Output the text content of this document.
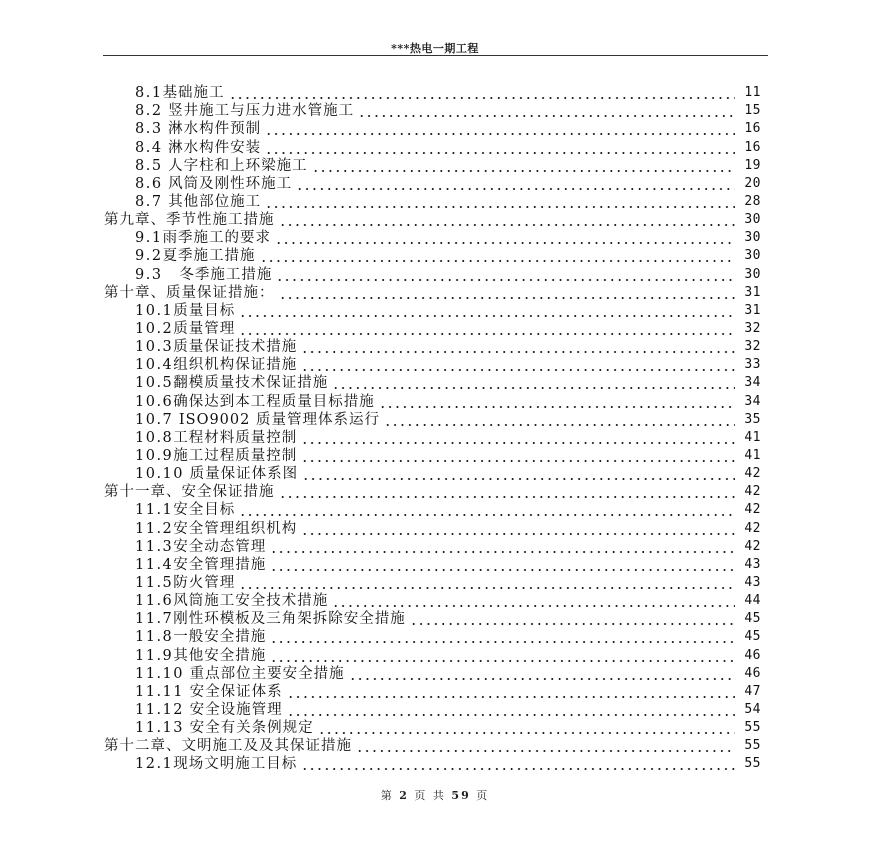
***热电一期工程
8.1 基础施工	11
8.2 竖井施工与压力进水管施工	15
8.3 淋水构件预制	16
8.4 淋水构件安装	16
8.5 人字柱和上环梁施工	19
8.6 风筒及刚性环施工	20
8.7 其他部位施工	28
第九章、季节性施工措施	30
9.1 雨季施工的要求	30
9.2 夏季施工措施	30
9.3 冬季施工措施	30
第十章、质量保证措施：	31
10.1 质量目标	31
10.2 质量管理	32
10.3 质量保证技术措施	32
10.4 组织机构保证措施	33
10.5 翻模质量技术保证措施	34
10.6 确保达到本工程质量目标措施	34
10.7 ISO9002 质量管理体系运行	35
10.8 工程材料质量控制	41
10.9 施工过程质量控制	41
10.10 质量保证体系图	42
第十一章、安全保证措施	42
11.1 安全目标	42
11.2 安全管理组织机构	42
11.3 安全动态管理	42
11.4 安全管理措施	43
11.5 防火管理	43
11.6 风筒施工安全技术措施	44
11.7 刚性环模板及三角架拆除安全措施	45
11.8 一般安全措施	45
11.9 其他安全措施	46
11.10 重点部位主要安全措施	46
11.11 安全保证体系	47
11.12 安全设施管理	54
11.13 安全有关条例规定	55
第十二章、文明施工及及其保证措施	55
12.1 现场文明施工目标	55
第 2 页 共 59 页
